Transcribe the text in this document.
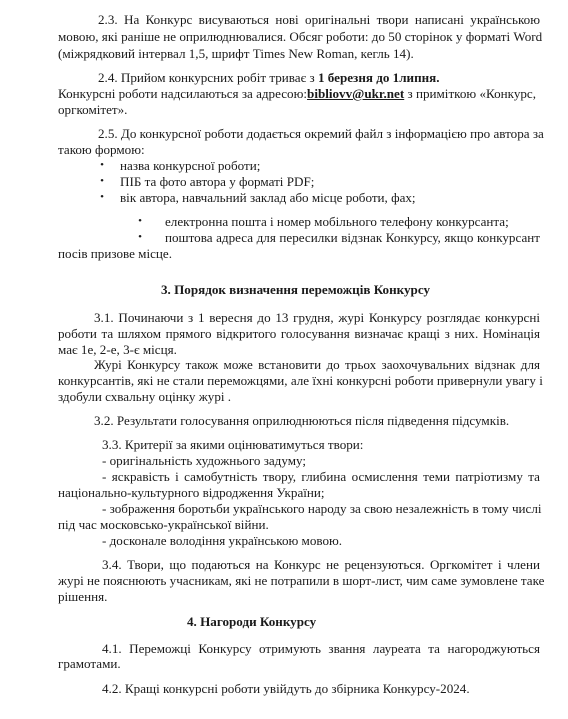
2.3. На Конкурс висуваються нові оригінальні твори написані українською
мовою, які раніше не оприлюднювалися. Обсяг роботи: до 50 сторінок у форматі Word
(міжрядковий інтервал 1,5, шрифт Times New Roman, кегль 14).
2.4. Прийом конкурсних робіт триває з 1 березня до 1липня.
Конкурсні роботи надсилаються за адресою:bibliovv@ukr.net з приміткою «Конкурс,
оргкомітет».
2.5. До конкурсної роботи додається окремий файл з інформацією про автора за
такою формою:
• назва конкурсної роботи;
• ПІБ та фото автора у форматі PDF;
• вік автора, навчальний заклад або місце роботи, фах;
• електронна пошта і номер мобільного телефону конкурсанта;
• поштова адреса для пересилки відзнак Конкурсу, якщо конкурсант
посів призове місце.
3. Порядок визначення переможців Конкурсу
3.1. Починаючи з 1 вересня до 13 грудня, журі Конкурсу розглядає конкурсні
роботи та шляхом прямого відкритого голосування визначає кращі з них. Номінація
має 1е, 2-е, 3-є місця.
Журі Конкурсу також може встановити до трьох заохочувальних відзнак для
конкурсантів, які не стали переможцями, але їхні конкурсні роботи привернули увагу і
здобули схвальну оцінку журі .
3.2. Результати голосування оприлюднюються після підведення підсумків.
3.3. Критерії за якими оцінюватимуться твори:
- оригінальність художнього задуму;
- яскравість і самобутність твору, глибина осмислення теми патріотизму та
національно-культурного відродження України;
- зображення боротьби українського народу за свою незалежність в тому числі
під час московсько-української війни.
- досконале володіння українською мовою.
3.4. Твори, що подаються на Конкурс не рецензуються. Оргкомітет і члени
журі не пояснюють учасникам, які не потрапили в шорт-лист, чим саме зумовлене таке
рішення.
4. Нагороди Конкурсу
4.1. Переможці Конкурсу отримують звання лауреата та нагороджуються
грамотами.
4.2. Кращі конкурсні роботи увійдуть до збірника Конкурсу-2024.
